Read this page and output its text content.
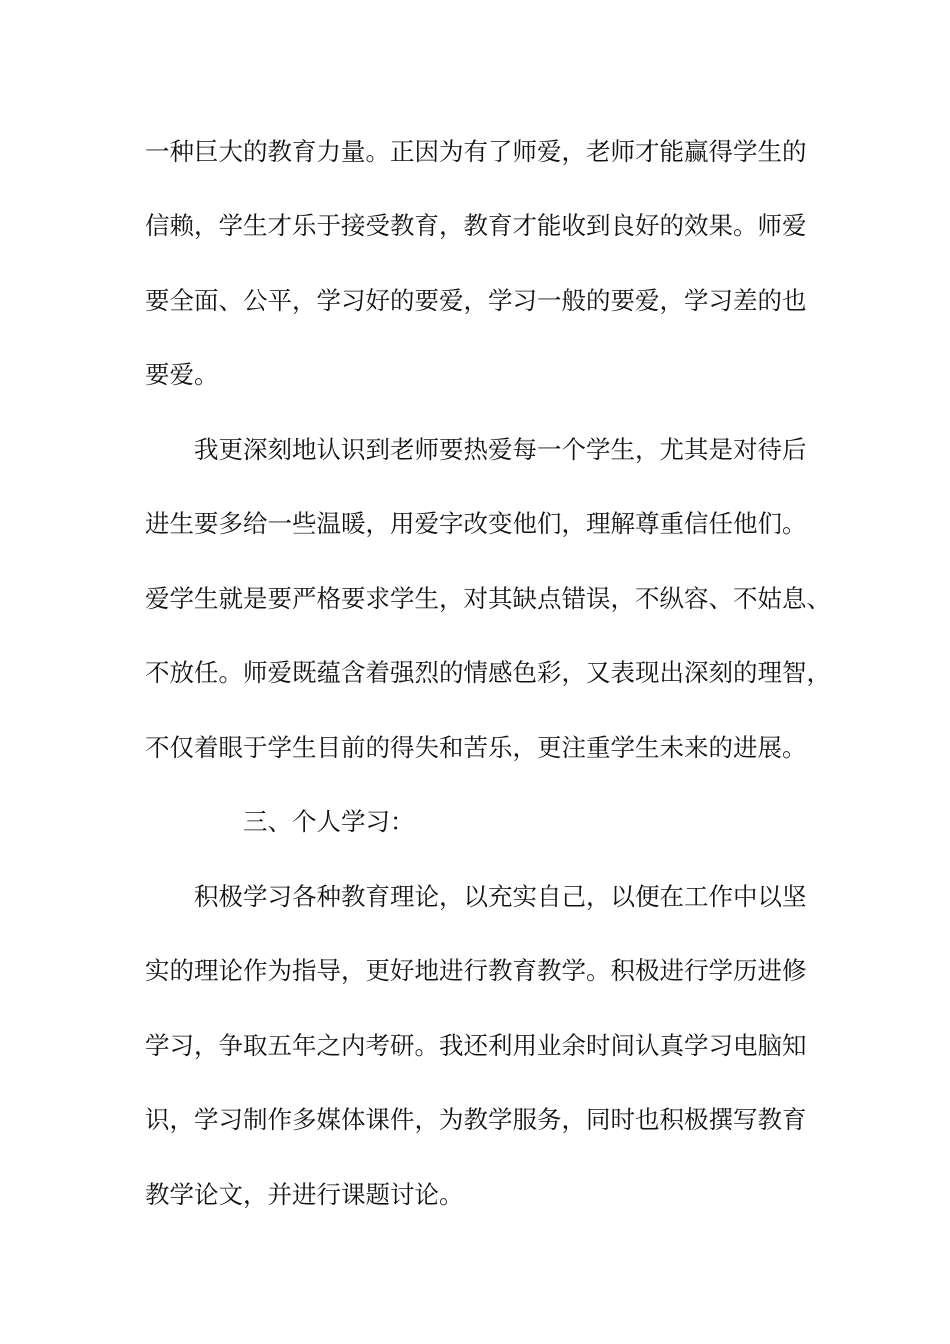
一种巨大的教育力量。正因为有了师爱，老师才能赢得学生的
信赖，学生才乐于接受教育，教育才能收到良好的效果。师爱
要全面、公平，学习好的要爱，学习一般的要爱，学习差的也
要爱。
我更深刻地认识到老师要热爱每一个学生，尤其是对待后
进生要多给一些温暖，用爱字改变他们，理解尊重信任他们。
爱学生就是要严格要求学生，对其缺点错误，不纵容、不姑息、
不放任。师爱既蕴含着强烈的情感色彩，又表现出深刻的理智，
不仅着眼于学生目前的得失和苦乐，更注重学生未来的进展。
三、个人学习：
积极学习各种教育理论，以充实自己，以便在工作中以坚
实的理论作为指导，更好地进行教育教学。积极进行学历进修
学习，争取五年之内考研。我还利用业余时间认真学习电脑知
识，学习制作多媒体课件，为教学服务，同时也积极撰写教育
教学论文，并进行课题讨论。
